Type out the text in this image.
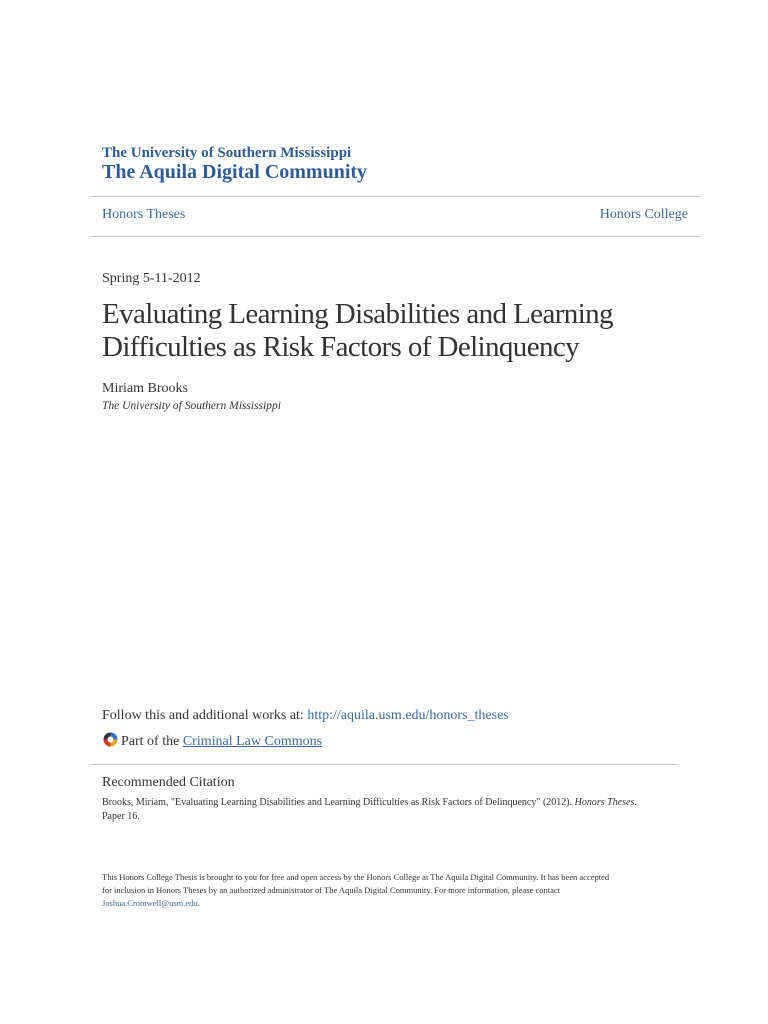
The University of Southern Mississippi
The Aquila Digital Community
Honors Theses	Honors College
Spring 5-11-2012
Evaluating Learning Disabilities and Learning
Difficulties as Risk Factors of Delinquency
Miriam Brooks
The University of Southern Mississippi
Follow this and additional works at: http://aquila.usm.edu/honors_theses
Part of the Criminal Law Commons
Recommended Citation
Brooks, Miriam, "Evaluating Learning Disabilities and Learning Difficulties as Risk Factors of Delinquency" (2012). Honors Theses. Paper 16.
This Honors College Thesis is brought to you for free and open access by the Honors College at The Aquila Digital Community. It has been accepted
for inclusion in Honors Theses by an authorized administrator of The Aquila Digital Community. For more information, please contact
Joshua.Cromwell@usm.edu.
